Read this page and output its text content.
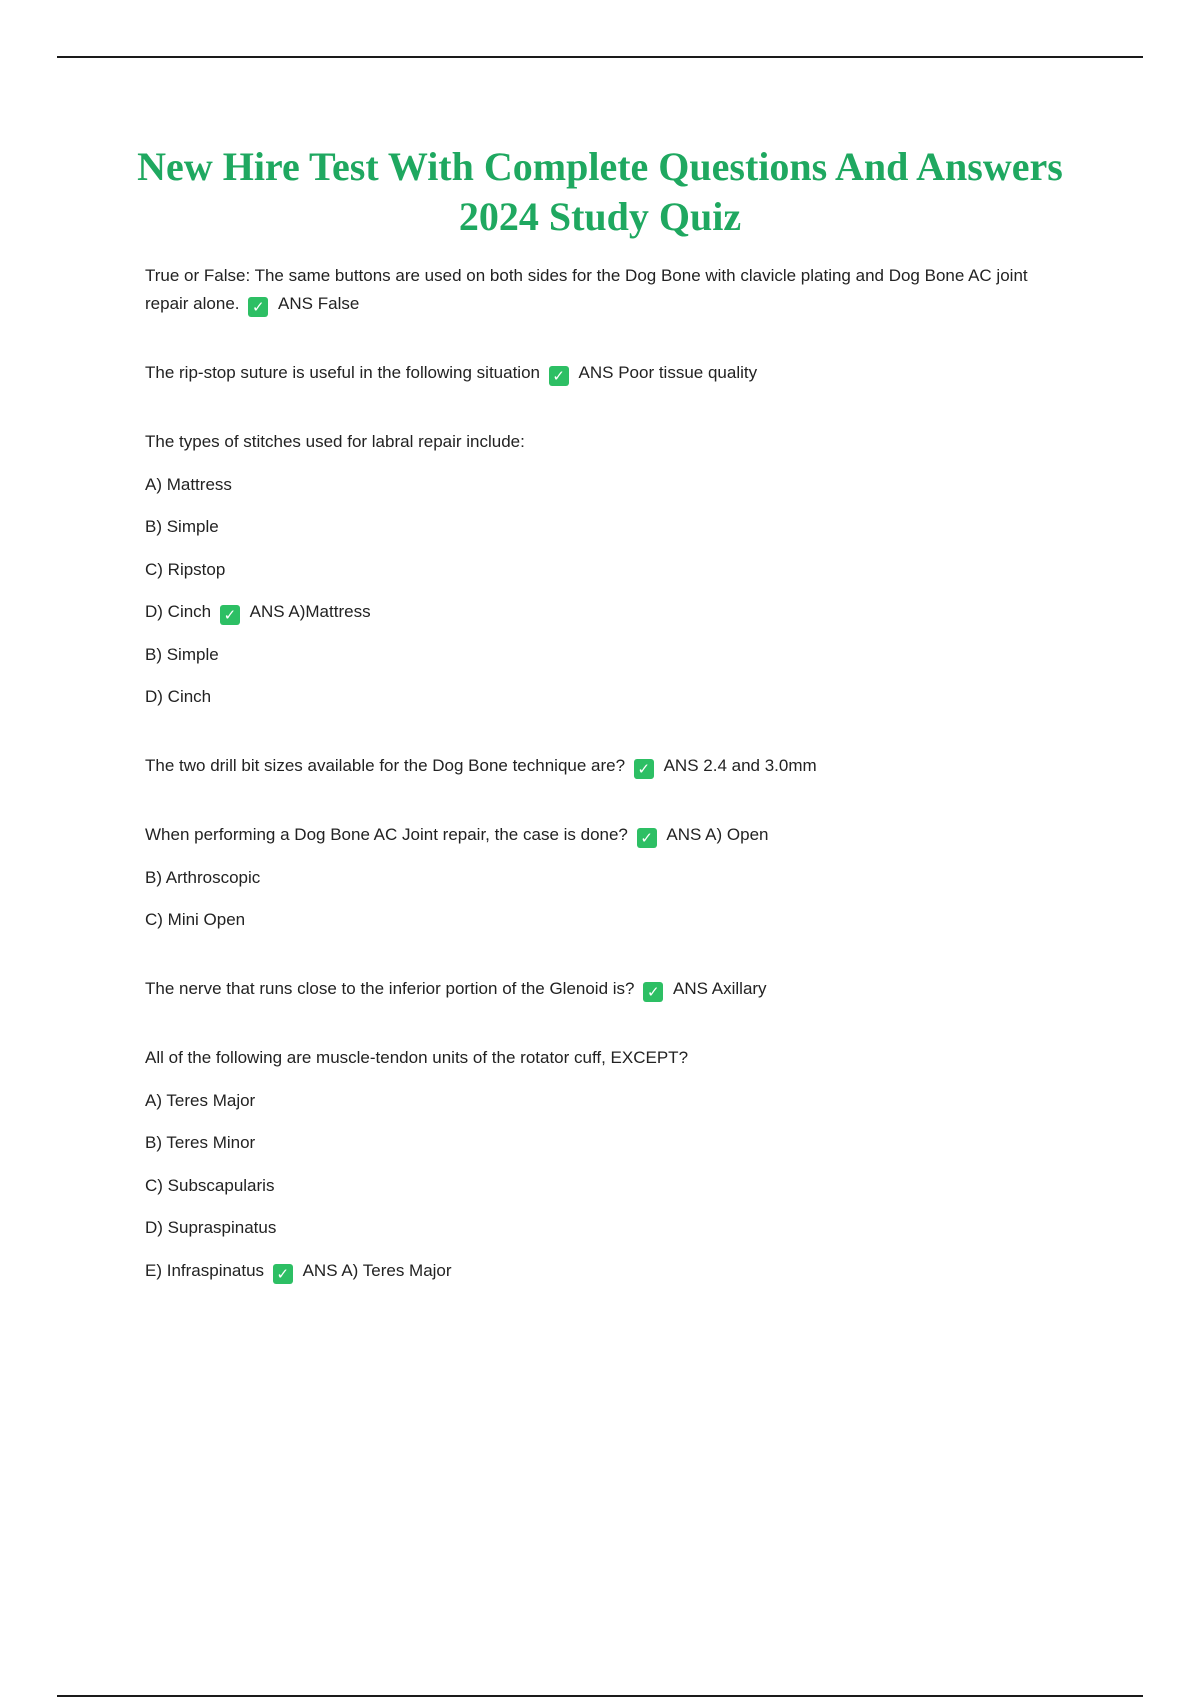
New Hire Test With Complete Questions And Answers 2024 Study Quiz
True or False: The same buttons are used on both sides for the Dog Bone with clavicle plating and Dog Bone AC joint repair alone. ✓ ANS False
The rip-stop suture is useful in the following situation ✓ ANS Poor tissue quality
The types of stitches used for labral repair include:
A) Mattress
B) Simple
C) Ripstop
D) Cinch ✓ ANS A)Mattress
B) Simple
D) Cinch
The two drill bit sizes available for the Dog Bone technique are? ✓ ANS 2.4 and 3.0mm
When performing a Dog Bone AC Joint repair, the case is done? ✓ ANS A) Open
B) Arthroscopic
C) Mini Open
The nerve that runs close to the inferior portion of the Glenoid is? ✓ ANS Axillary
All of the following are muscle-tendon units of the rotator cuff, EXCEPT?
A) Teres Major
B) Teres Minor
C) Subscapularis
D) Supraspinatus
E) Infraspinatus ✓ ANS A) Teres Major
